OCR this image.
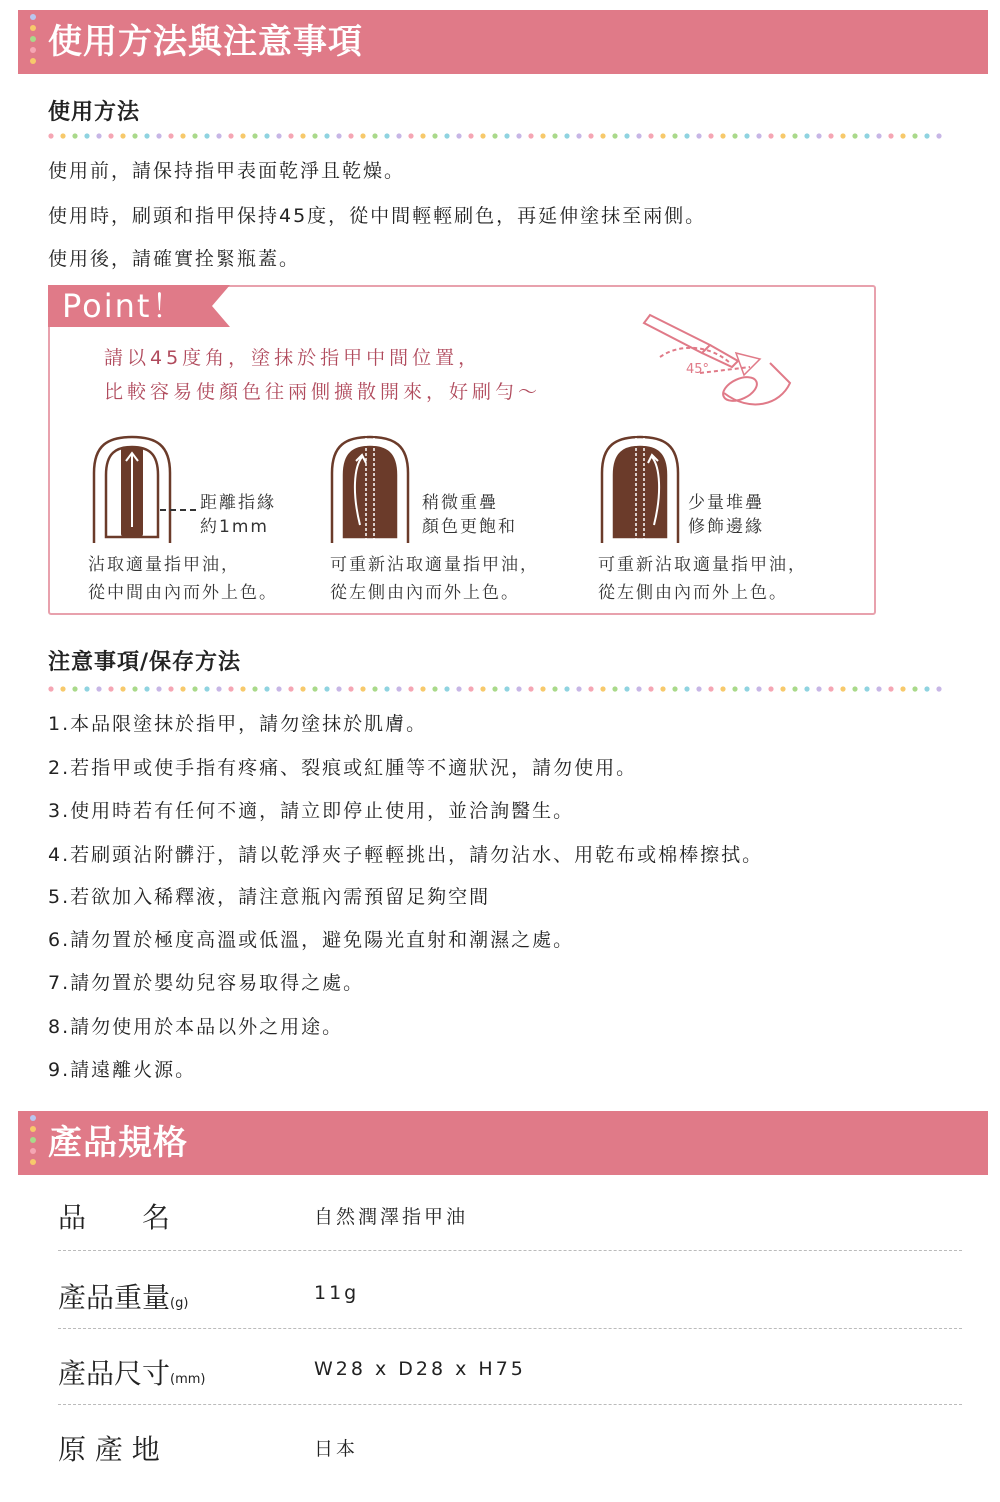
使用方法與注意事項
使用方法
使用前，請保持指甲表面乾淨且乾燥。
使用時，刷頭和指甲保持45度，從中間輕輕刷色，再延伸塗抹至兩側。
使用後，請確實拴緊瓶蓋。
Point！
請以45度角，塗抹於指甲中間位置，
比較容易使顏色往兩側擴散開來，好刷勻～
45°
距離指緣
約1mm
沾取適量指甲油，
從中間由內而外上色。
稍微重疊
顏色更飽和
可重新沾取適量指甲油，
從左側由內而外上色。
少量堆疊
修飾邊緣
可重新沾取適量指甲油，
從左側由內而外上色。
注意事項/保存方法
1.本品限塗抹於指甲，請勿塗抹於肌膚。
2.若指甲或使手指有疼痛、裂痕或紅腫等不適狀況，請勿使用。
3.使用時若有任何不適，請立即停止使用，並洽詢醫生。
4.若刷頭沾附髒汙，請以乾淨夾子輕輕挑出，請勿沾水、用乾布或棉棒擦拭。
5.若欲加入稀釋液，請注意瓶內需預留足夠空間
6.請勿置於極度高溫或低溫，避免陽光直射和潮濕之處。
7.請勿置於嬰幼兒容易取得之處。
8.請勿使用於本品以外之用途。
9.請遠離火源。
產品規格
品　　名	自然潤澤指甲油
產品重量(g)	11g
產品尺寸(mm)	W28 x D28 x H75
原 產 地	日本
